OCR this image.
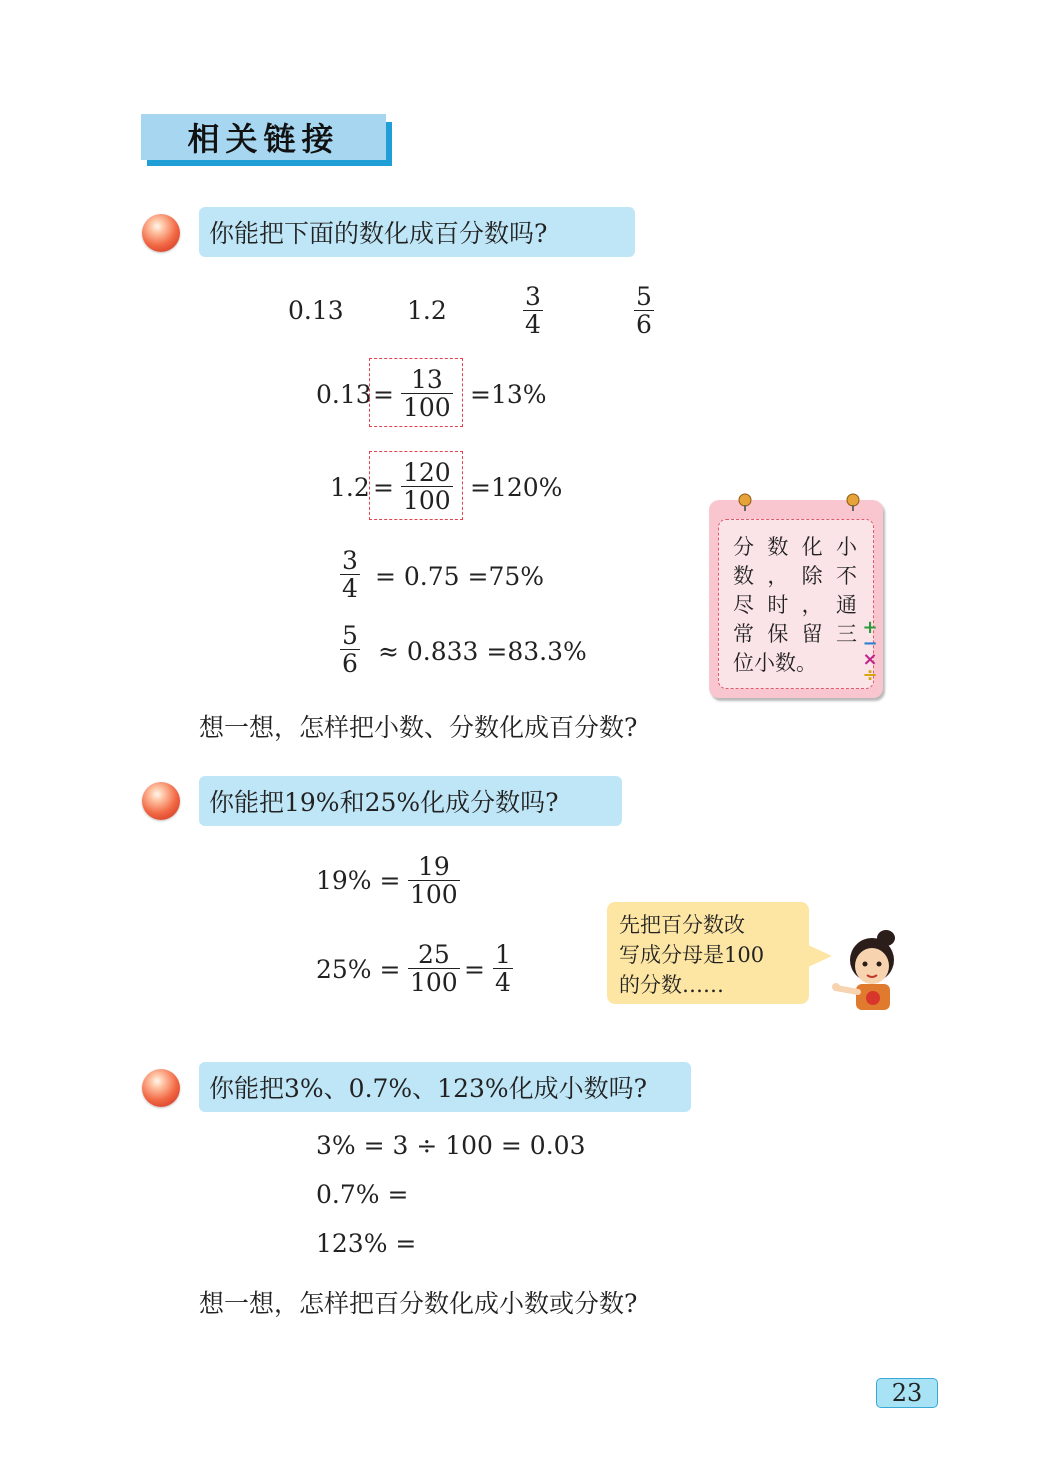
相关链接
你能把下面的数化成百分数吗?
0.13	1.2	$\frac{3}{4}$	$\frac{5}{6}$
$0.13 = \frac{13}{100} =13\%$
$1.2 = \frac{120}{100} =120\%$
$\frac{3}{4} = 0.75 =75\%$
$\frac{5}{6} \approx 0.833 =83.3\%$
想一想，怎样把小数、分数化成百分数?
分 数 化 小
数 ， 除 不
尽 时 ， 通
常 保 留 三
位小数。
+
−
×
÷
你能把19%和25%化成分数吗?
$19\% = \frac{19}{100}$
$25\% = \frac{25}{100} = \frac{1}{4}$
先把百分数改
写成分母是100
的分数……
你能把3%、0.7%、123%化成小数吗?
3% = 3 ÷ 100 = 0.03
0.7% =
123% =
想一想，怎样把百分数化成小数或分数?
23
